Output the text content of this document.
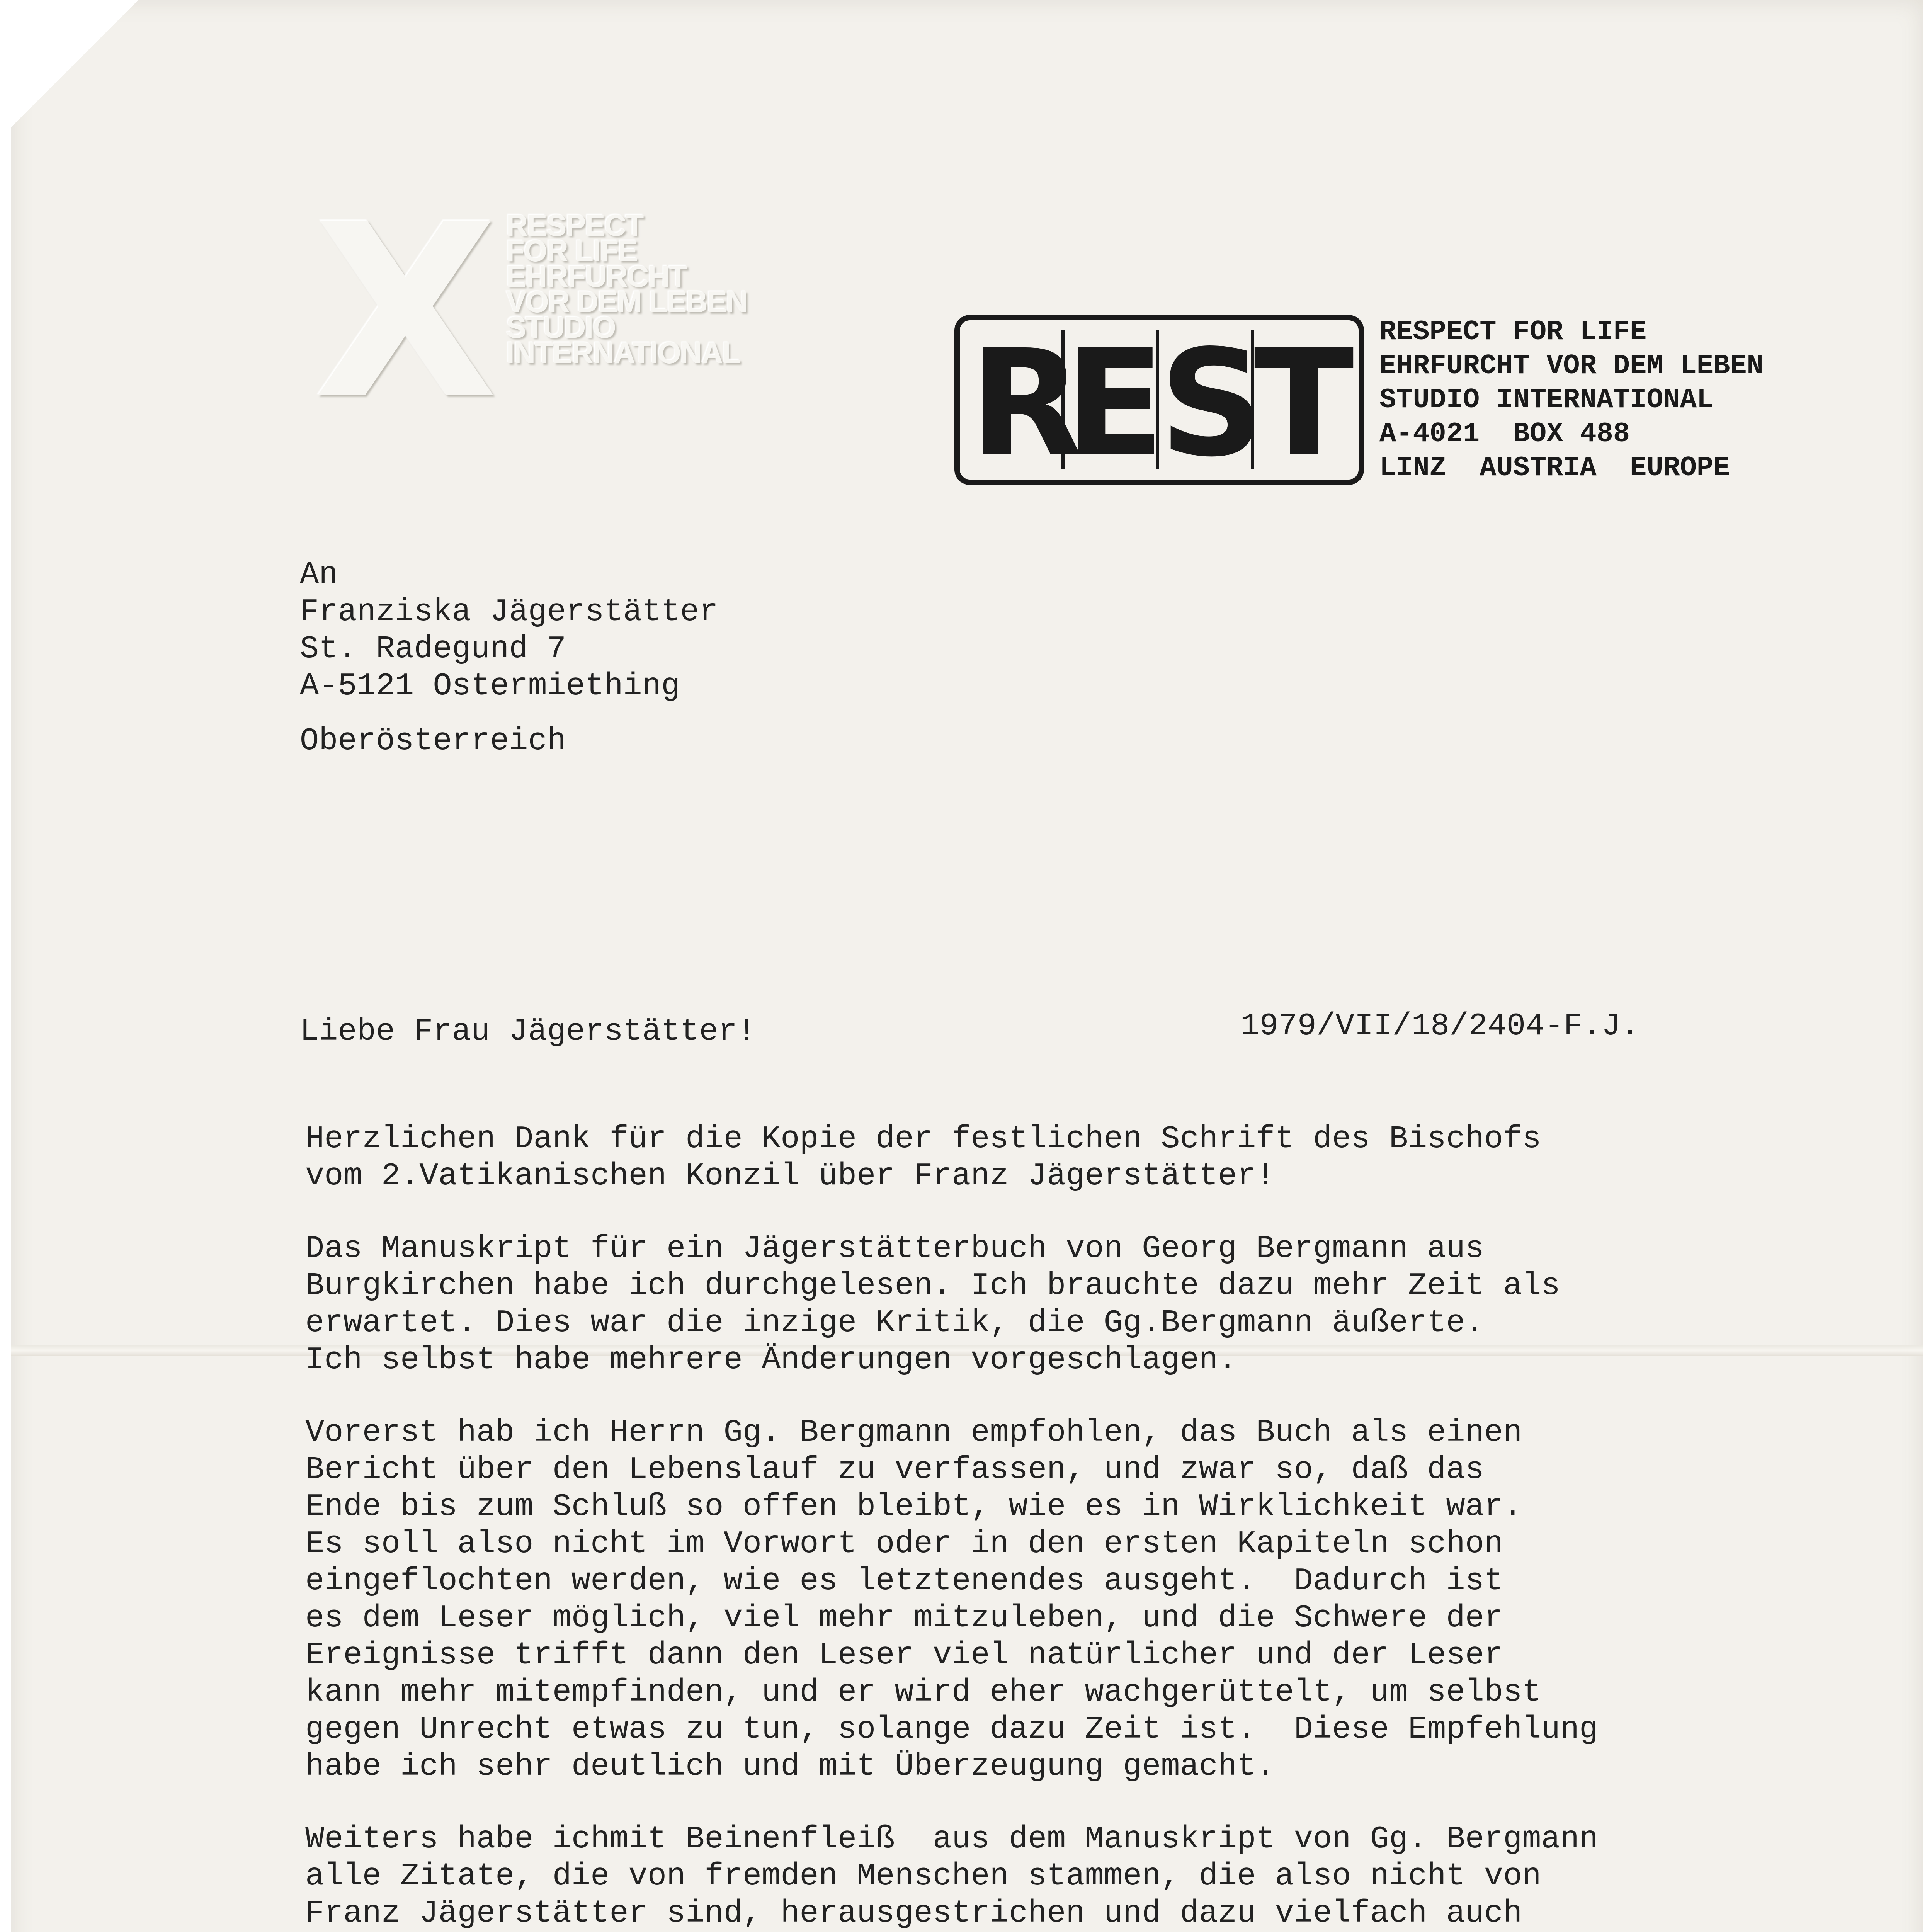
X RESPECT
FOR LIFE
EHRFURCHT
VOR DEM LEBEN
STUDIO
INTERNATIONAL R
E
S
T RESPECT FOR LIFE
EHRFURCHT VOR DEM LEBEN
STUDIO INTERNATIONAL
A-4021  BOX 488
LINZ  AUSTRIA  EUROPE
An
Franziska Jägerstätter
St. Radegund 7
A-5121 Ostermiething
Oberösterreich
Liebe Frau Jägerstätter!	1979/VII/18/2404-F.J.
Herzlichen Dank für die Kopie der festlichen Schrift des Bischofs
vom 2.Vatikanischen Konzil über Franz Jägerstätter!
Das Manuskript für ein Jägerstätterbuch von Georg Bergmann aus
Burgkirchen habe ich durchgelesen. Ich brauchte dazu mehr Zeit als
erwartet. Dies war die inzige Kritik, die Gg.Bergmann äußerte.
Ich selbst habe mehrere Änderungen vorgeschlagen.
Vorerst hab ich Herrn Gg. Bergmann empfohlen, das Buch als einen
Bericht über den Lebenslauf zu verfassen, und zwar so, daß das
Ende bis zum Schluß so offen bleibt, wie es in Wirklichkeit war.
Es soll also nicht im Vorwort oder in den ersten Kapiteln schon
eingeflochten werden, wie es letztenendes ausgeht.  Dadurch ist
es dem Leser möglich, viel mehr mitzuleben, und die Schwere der
Ereignisse trifft dann den Leser viel natürlicher und der Leser
kann mehr mitempfinden, und er wird eher wachgerüttelt, um selbst
gegen Unrecht etwas zu tun, solange dazu Zeit ist.  Diese Empfehlung
habe ich sehr deutlich und mit Überzeugung gemacht.
Weiters habe ichmit Beinenfleiß  aus dem Manuskript von Gg. Bergmann
alle Zitate, die von fremden Menschen stammen, die also nicht von
Franz Jägerstätter sind, herausgestrichen und dazu vielfach auch
